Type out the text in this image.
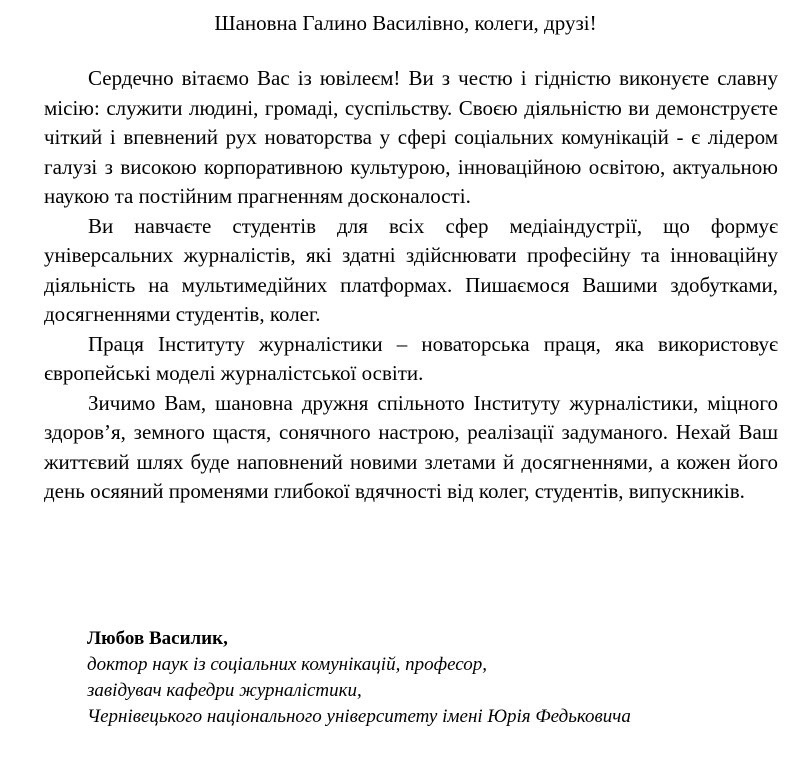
Шановна Галино Василівно, колеги, друзі!

Сердечно вітаємо Вас із ювілеєм! Ви з честю і гідністю виконуєте славну місію: служити людині, громаді, суспільству. Своєю діяльністю ви демонструєте чіткий і впевнений рух новаторства у сфері соціальних комунікацій - є лідером галузі з високою корпоративною культурою, інноваційною освітою, актуальною наукою та постійним прагненням досконалості.

Ви навчаєте студентів для всіх сфер медіаіндустрії, що формує універсальних журналістів, які здатні здійснювати професійну та інноваційну діяльність на мультимедійних платформах. Пишаємося Вашими здобутками, досягненнями студентів, колег.

Праця Інституту журналістики – новаторська праця, яка використовує європейські моделі журналістської освіти.

Зичимо Вам, шановна дружня спільното Інституту журналістики, міцного здоров’я, земного щастя, сонячного настрою, реалізації задуманого. Нехай Ваш життєвий шлях буде наповнений новими злетами й досягненнями, а кожен його день осяяний променями глибокої вдячності від колег, студентів, випускників.

Любов Василик,

доктор наук із соціальних комунікацій, професор,

завідувач кафедри журналістики,

Чернівецького національного університету імені Юрія Федьковича
